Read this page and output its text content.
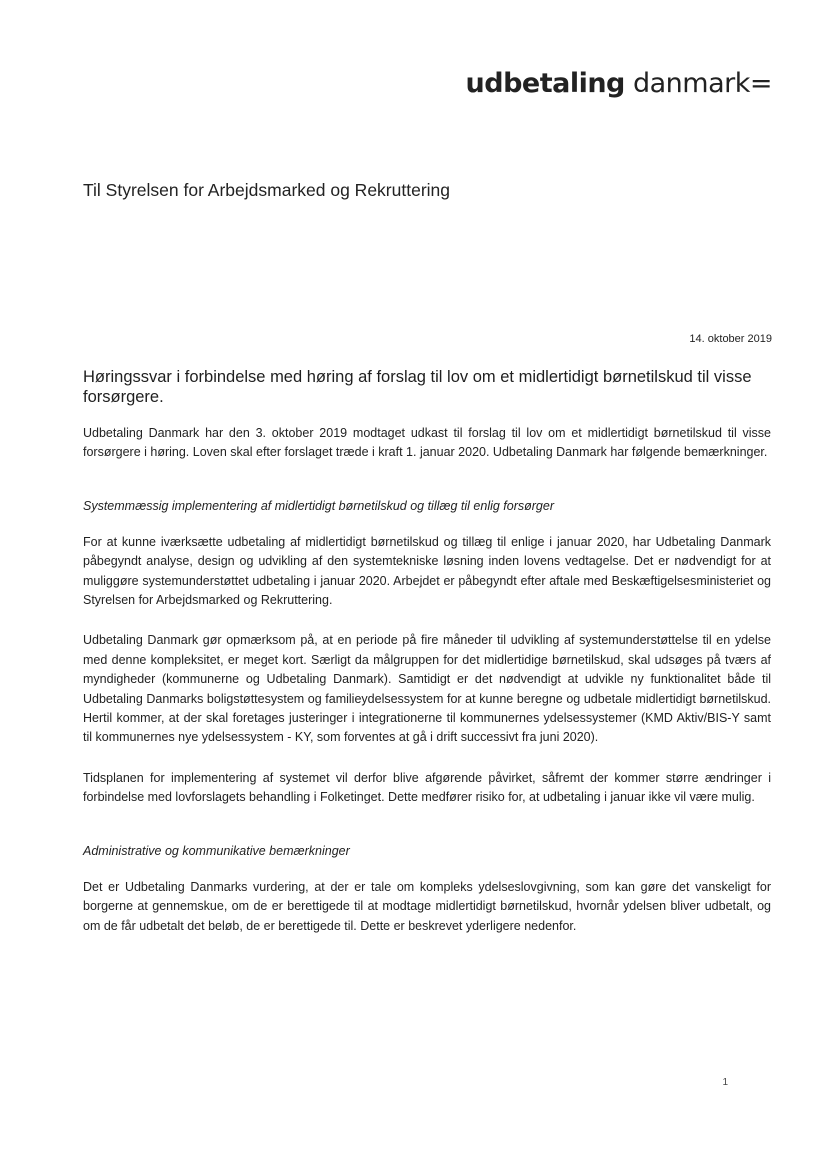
udbetaling danmark=
Til Styrelsen for Arbejdsmarked og Rekruttering
14. oktober 2019
Høringssvar i forbindelse med høring af forslag til lov om et midlertidigt børnetilskud til visse forsørgere.

Udbetaling Danmark har den 3. oktober 2019 modtaget udkast til forslag til lov om et midlertidigt børnetilskud til visse forsørgere i høring. Loven skal efter forslaget træde i kraft 1. januar 2020. Udbetaling Danmark har følgende bemærkninger.

Systemmæssig implementering af midlertidigt børnetilskud og tillæg til enlig forsørger

For at kunne iværksætte udbetaling af midlertidigt børnetilskud og tillæg til enlige i januar 2020, har Udbetaling Danmark påbegyndt analyse, design og udvikling af den systemtekniske løsning inden lovens vedtagelse. Det er nødvendigt for at muliggøre systemunderstøttet udbetaling i januar 2020. Arbejdet er påbegyndt efter aftale med Beskæftigelsesministeriet og Styrelsen for Arbejdsmarked og Rekruttering.

Udbetaling Danmark gør opmærksom på, at en periode på fire måneder til udvikling af systemunderstøttelse til en ydelse med denne kompleksitet, er meget kort. Særligt da målgruppen for det midlertidige børnetilskud, skal udsøges på tværs af myndigheder (kommunerne og Udbetaling Danmark). Samtidigt er det nødvendigt at udvikle ny funktionalitet både til Udbetaling Danmarks boligstøttesystem og familieydelsessystem for at kunne beregne og udbetale midlertidigt børnetilskud. Hertil kommer, at der skal foretages justeringer i integrationerne til kommunernes ydelsessystemer (KMD Aktiv/BIS-Y samt til kommunernes nye ydelsessystem - KY, som forventes at gå i drift successivt fra juni 2020).

Tidsplanen for implementering af systemet vil derfor blive afgørende påvirket, såfremt der kommer større ændringer i forbindelse med lovforslagets behandling i Folketinget. Dette medfører risiko for, at udbetaling i januar ikke vil være mulig.

Administrative og kommunikative bemærkninger

Det er Udbetaling Danmarks vurdering, at der er tale om kompleks ydelseslovgivning, som kan gøre det vanskeligt for borgerne at gennemskue, om de er berettigede til at modtage midlertidigt børnetilskud, hvornår ydelsen bliver udbetalt, og om de får udbetalt det beløb, de er berettigede til. Dette er beskrevet yderligere nedenfor.

1
